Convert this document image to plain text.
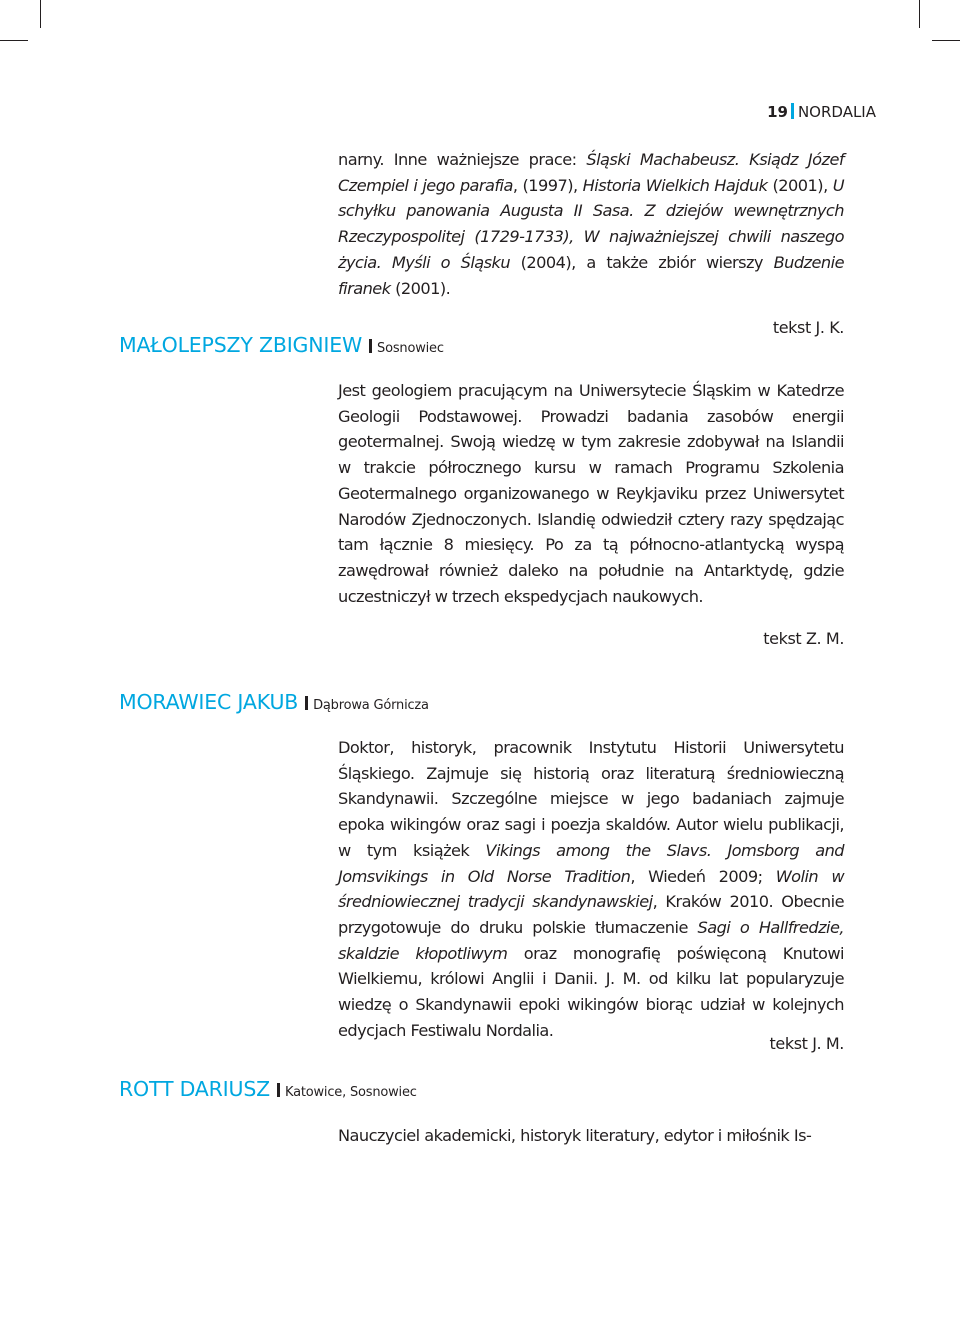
19 NORDALIA

narny. Inne ważniejsze prace: Śląski Machabeusz. Ksiądz Józef Czempiel i jego parafia, (1997), Historia Wielkich Hajduk (2001), U schyłku panowania Augusta II Sasa. Z dziejów wewnętrznych Rzeczypospolitej (1729-1733), W najważniejszej chwili naszego życia. Myśli o Śląsku (2004), a także zbiór wierszy Budzenie firanek (2001).

tekst J. K.
MAŁOLEPSZY ZBIGNIEW Sosnowiec

Jest geologiem pracującym na Uniwersytecie Śląskim w Katedrze Geologii Podstawowej. Prowadzi badania zasobów energii geotermalnej. Swoją wiedzę w tym zakresie zdobywał na Islandii w trakcie półrocznego kursu w ramach Programu Szkolenia Geotermalnego organizowanego w Reykjaviku przez Uniwersytet Narodów Zjednoczonych. Islandię odwiedził cztery razy spędzając tam łącznie 8 miesięcy. Po za tą północno-atlantycką wyspą zawędrował również daleko na południe na Antarktydę, gdzie uczestniczył w trzech ekspedycjach naukowych.

tekst Z. M.
MORAWIEC JAKUB Dąbrowa Górnicza

Doktor, historyk, pracownik Instytutu Historii Uniwersytetu Śląskiego. Zajmuje się historią oraz literaturą średniowieczną Skandynawii. Szczególne miejsce w jego badaniach zajmuje epoka wikingów oraz sagi i poezja skaldów. Autor wielu publikacji, w tym książek Vikings among the Slavs. Jomsborg and Jomsvikings in Old Norse Tradition, Wiedeń 2009; Wolin w średniowiecznej tradycji skandynawskiej, Kraków 2010. Obecnie przygotowuje do druku polskie tłumaczenie Sagi o Hallfredzie, skaldzie kłopotliwym oraz monografię poświęconą Knutowi Wielkiemu, królowi Anglii i Danii. J. M. od kilku lat popularyzuje wiedzę o Skandynawii epoki wikingów biorąc udział w kolejnych edycjach Festiwalu Nordalia.

tekst J. M.
ROTT DARIUSZ Katowice, Sosnowiec

Nauczyciel akademicki, historyk literatury, edytor i miłośnik Is-
